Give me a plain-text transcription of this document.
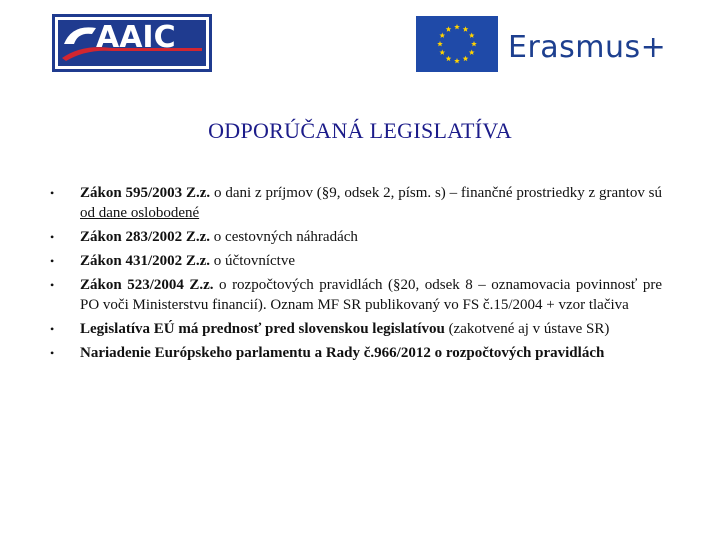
AAIC	Erasmus+
ODPORÚČANÁ LEGISLATÍVA
• Zákon 595/2003 Z.z. o dani z príjmov (§9, odsek 2, písm. s) – finančné prostriedky z grantov sú od dane oslobodené
• Zákon 283/2002 Z.z. o cestovných náhradách
• Zákon 431/2002 Z.z. o účtovníctve
• Zákon 523/2004 Z.z. o rozpočtových pravidlách (§20, odsek 8 – oznamovacia povinnosť pre PO voči Ministerstvu financií). Oznam MF SR publikovaný vo FS č.15/2004 + vzor tlačiva
• Legislatíva EÚ má prednosť pred slovenskou legislatívou (zakotvené aj v ústave SR)
• Nariadenie Európskeho parlamentu a Rady č.966/2012 o rozpočtových pravidlách
